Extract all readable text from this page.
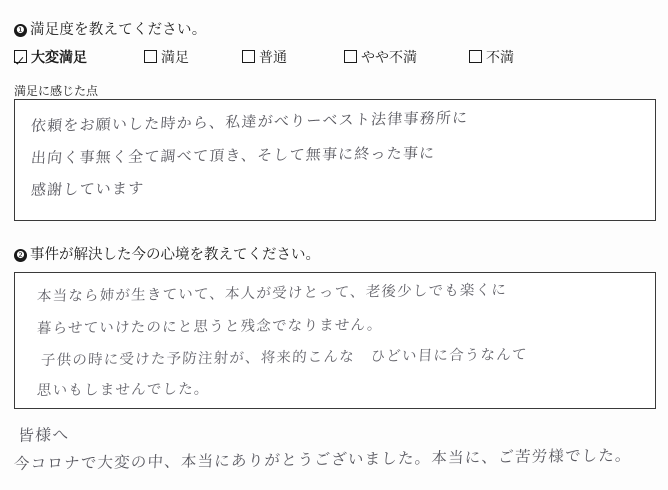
❶ 満足度を教えてください。
大変満足	満足	普通	やや不満	不満
満足に感じた点
依頼をお願いした時から、私達がべりーベスト法律事務所に
出向く事無く全て調べて頂き、そして無事に終った事に
感謝しています
❷ 事件が解決した今の心境を教えてください。
本当なら姉が生きていて、本人が受けとって、老後少しでも楽くに
暮らせていけたのにと思うと残念でなりません。
子供の時に受けた予防注射が、将来的こんな　ひどい目に合うなんて
思いもしませんでした。
皆様へ
今コロナで大変の中、本当にありがとうございました。本当に、ご苦労様でした。
